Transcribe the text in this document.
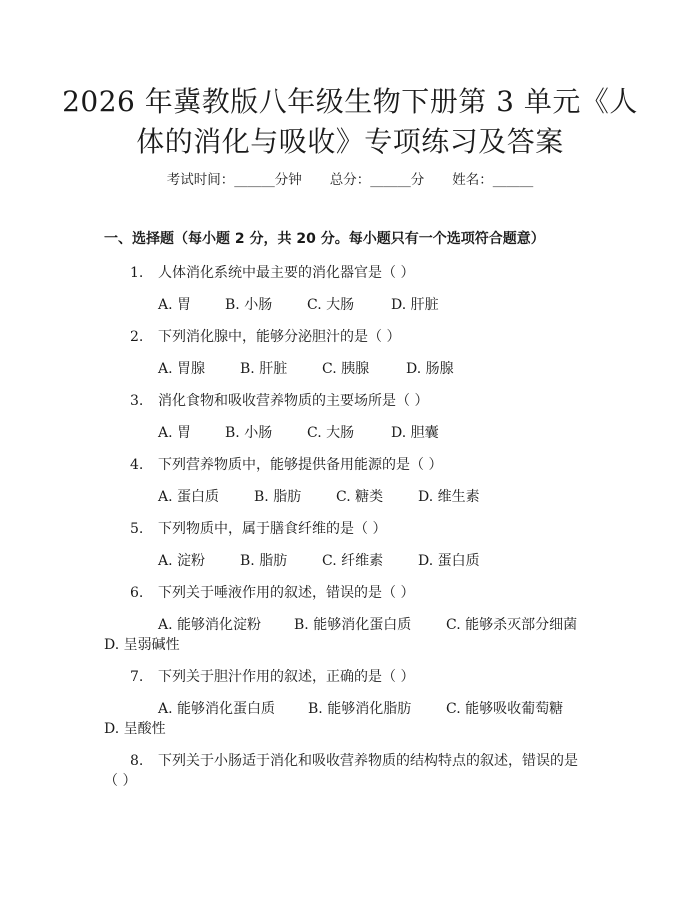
2026 年冀教版八年级生物下册第 3 单元《人
体的消化与吸收》专项练习及答案
考试时间：______分钟 总分：______分 姓名：______
一、选择题（每小题 2 分，共 20 分。每小题只有一个选项符合题意）
1. 人体消化系统中最主要的消化器官是（ ）
A. 胃 B. 小肠 C. 大肠	D. 肝脏
2. 下列消化腺中，能够分泌胆汁的是（ ）
A. 胃腺 B. 肝脏 C. 胰腺	D. 肠腺
3. 消化食物和吸收营养物质的主要场所是（ ）
A. 胃 B. 小肠 C. 大肠	D. 胆囊
4. 下列营养物质中，能够提供备用能源的是（ ）
A. 蛋白质 B. 脂肪 C. 糖类 D. 维生素
5. 下列物质中，属于膳食纤维的是（ ）
A. 淀粉 B. 脂肪 C. 纤维素 D. 蛋白质
6. 下列关于唾液作用的叙述，错误的是（ ）
A. 能够消化淀粉 B. 能够消化蛋白质 C. 能够杀灭部分细菌
D. 呈弱碱性
7. 下列关于胆汁作用的叙述，正确的是（ ）
A. 能够消化蛋白质 B. 能够消化脂肪 C. 能够吸收葡萄糖
D. 呈酸性
8. 下列关于小肠适于消化和吸收营养物质的结构特点的叙述，错误的是
（ ）
